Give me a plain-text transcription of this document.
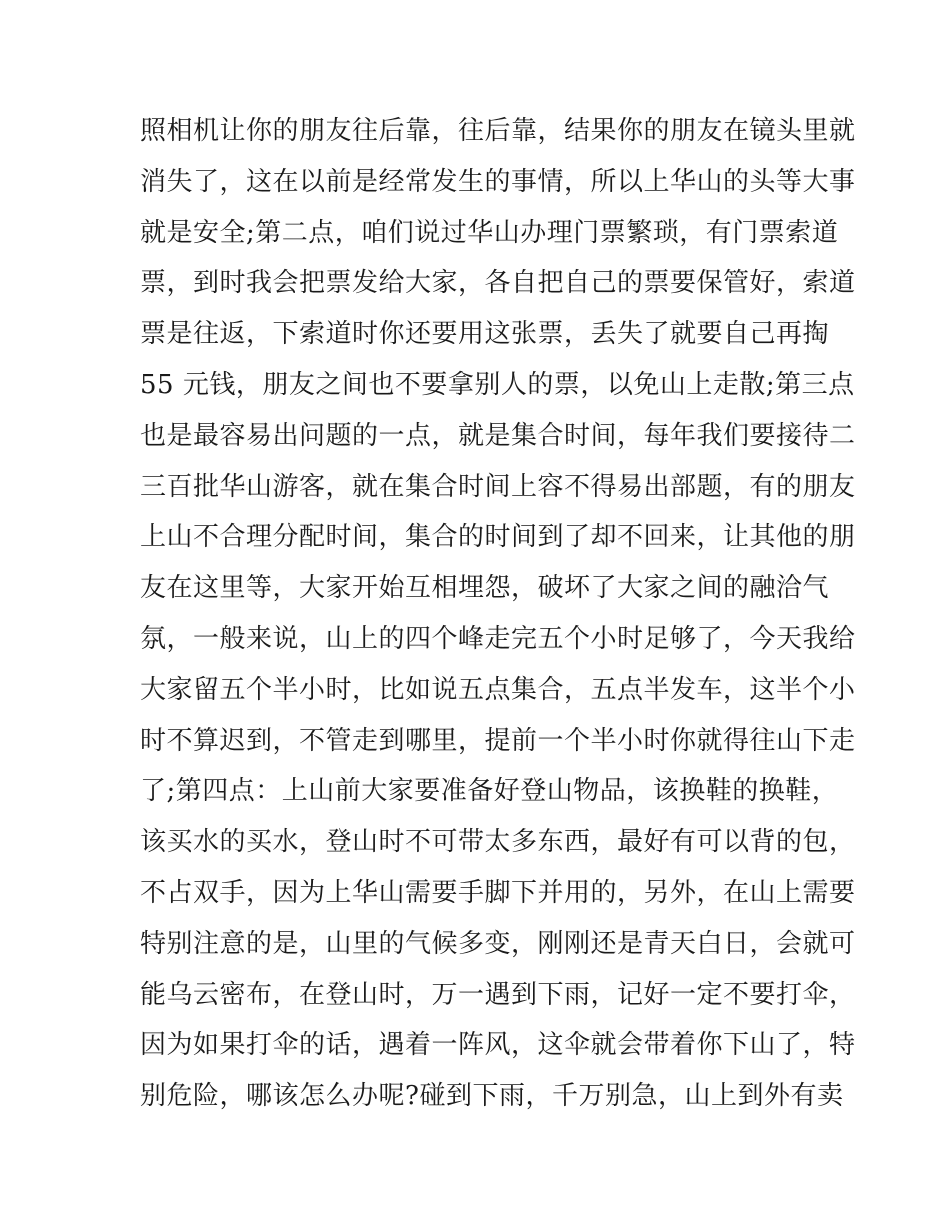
照相机让你的朋友往后靠，往后靠，结果你的朋友在镜头里就
消失了，这在以前是经常发生的事情，所以上华山的头等大事
就是安全;第二点，咱们说过华山办理门票繁琐，有门票索道
票，到时我会把票发给大家，各自把自己的票要保管好，索道
票是往返，下索道时你还要用这张票，丢失了就要自己再掏
55 元钱，朋友之间也不要拿别人的票，以免山上走散;第三点
也是最容易出问题的一点，就是集合时间，每年我们要接待二
三百批华山游客，就在集合时间上容不得易出部题，有的朋友
上山不合理分配时间，集合的时间到了却不回来，让其他的朋
友在这里等，大家开始互相埋怨，破坏了大家之间的融洽气
氛，一般来说，山上的四个峰走完五个小时足够了，今天我给
大家留五个半小时，比如说五点集合，五点半发车，这半个小
时不算迟到，不管走到哪里，提前一个半小时你就得往山下走
了;第四点：上山前大家要准备好登山物品，该换鞋的换鞋，
该买水的买水，登山时不可带太多东西，最好有可以背的包，
不占双手，因为上华山需要手脚下并用的，另外，在山上需要
特别注意的是，山里的气候多变，刚刚还是青天白日，会就可
能乌云密布，在登山时，万一遇到下雨，记好一定不要打伞，
因为如果打伞的话，遇着一阵风，这伞就会带着你下山了，特
别危险，哪该怎么办呢?碰到下雨，千万别急，山上到外有卖
